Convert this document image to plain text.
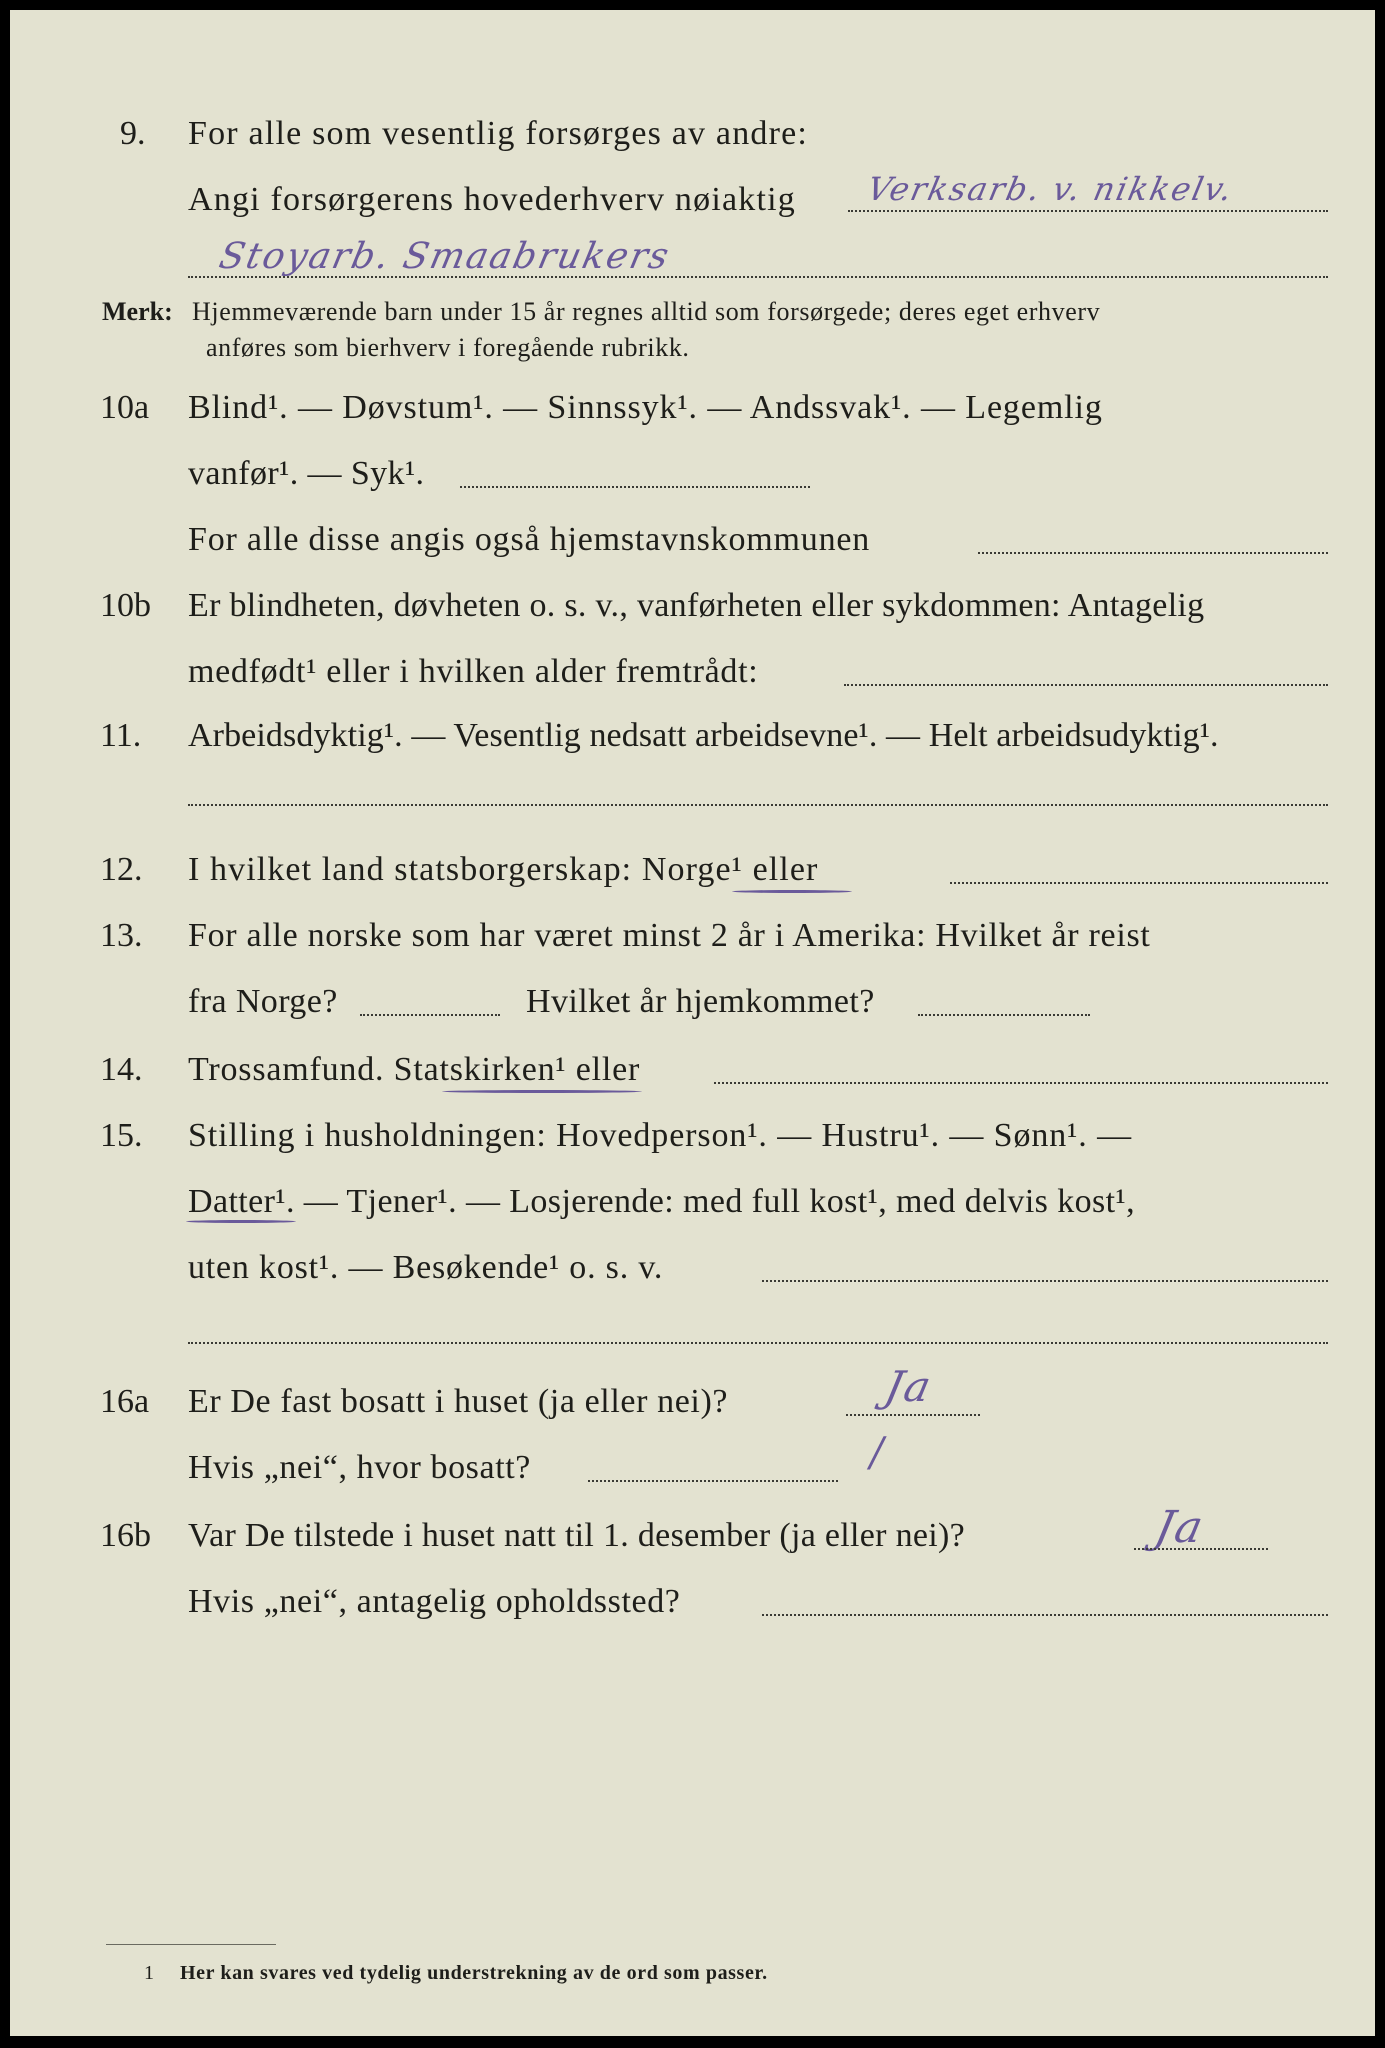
9. For alle som vesentlig forsørges av andre:
Angi forsørgerens hovederhverv nøiaktig Verksarb. v. nikkelv.
Stoyarb. Smaabrukers
Merk: Hjemmeværende barn under 15 år regnes alltid som forsørgede; deres eget erhverv
anføres som bierhverv i foregående rubrikk.
10a Blind¹. — Døvstum¹. — Sinnssyk¹. — Andssvak¹. — Legemlig
vanfør¹. — Syk¹.
For alle disse angis også hjemstavnskommunen
10b Er blindheten, døvheten o. s. v., vanførheten eller sykdommen: Antagelig
medfødt¹ eller i hvilken alder fremtrådt:
11. Arbeidsdyktig¹. — Vesentlig nedsatt arbeidsevne¹. — Helt arbeidsudyktig¹.
12. I hvilket land statsborgerskap: Norge¹ eller
13. For alle norske som har været minst 2 år i Amerika: Hvilket år reist
fra Norge?	Hvilket år hjemkommet?
14. Trossamfund. Statskirken¹ eller
15. Stilling i husholdningen: Hovedperson¹. — Hustru¹. — Sønn¹. —
Datter¹. — Tjener¹. — Losjerende: med full kost¹, med delvis kost¹,
uten kost¹. — Besøkende¹ o. s. v.
16a Er De fast bosatt i huset (ja eller nei)?	Ja
Hvis „nei“, hvor bosatt?	/
16b Var De tilstede i huset natt til 1. desember (ja eller nei)?	Ja
Hvis „nei“, antagelig opholdssted?
1 Her kan svares ved tydelig understrekning av de ord som passer.
